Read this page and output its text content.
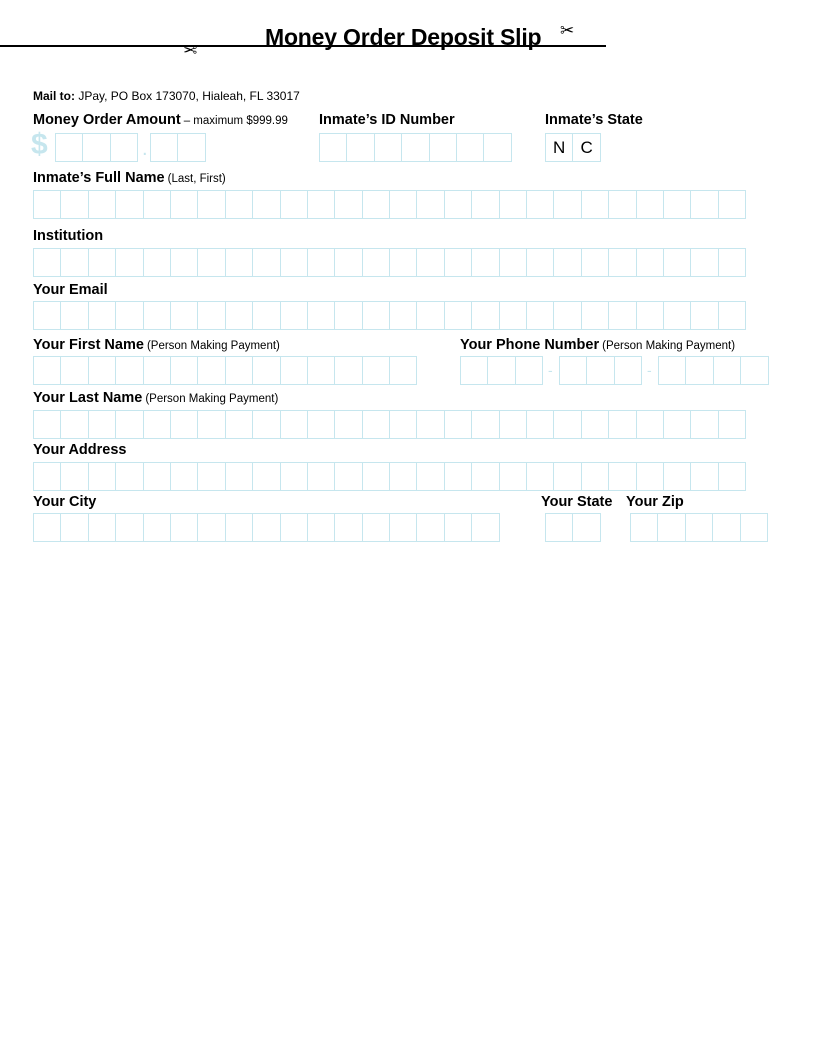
Money Order Deposit Slip ✂
✂
Mail to: JPay, PO Box 173070, Hialeah, FL 33017
Money Order Amount – maximum $999.99
$	.
Inmate’s ID Number	Inmate’s State
N C
Inmate’s Full Name (Last, First)
Institution
Your Email
Your First Name (Person Making Payment)	Your Phone Number (Person Making Payment)
-	-
Your Last Name (Person Making Payment)
Your Address
Your City	Your State Your Zip
